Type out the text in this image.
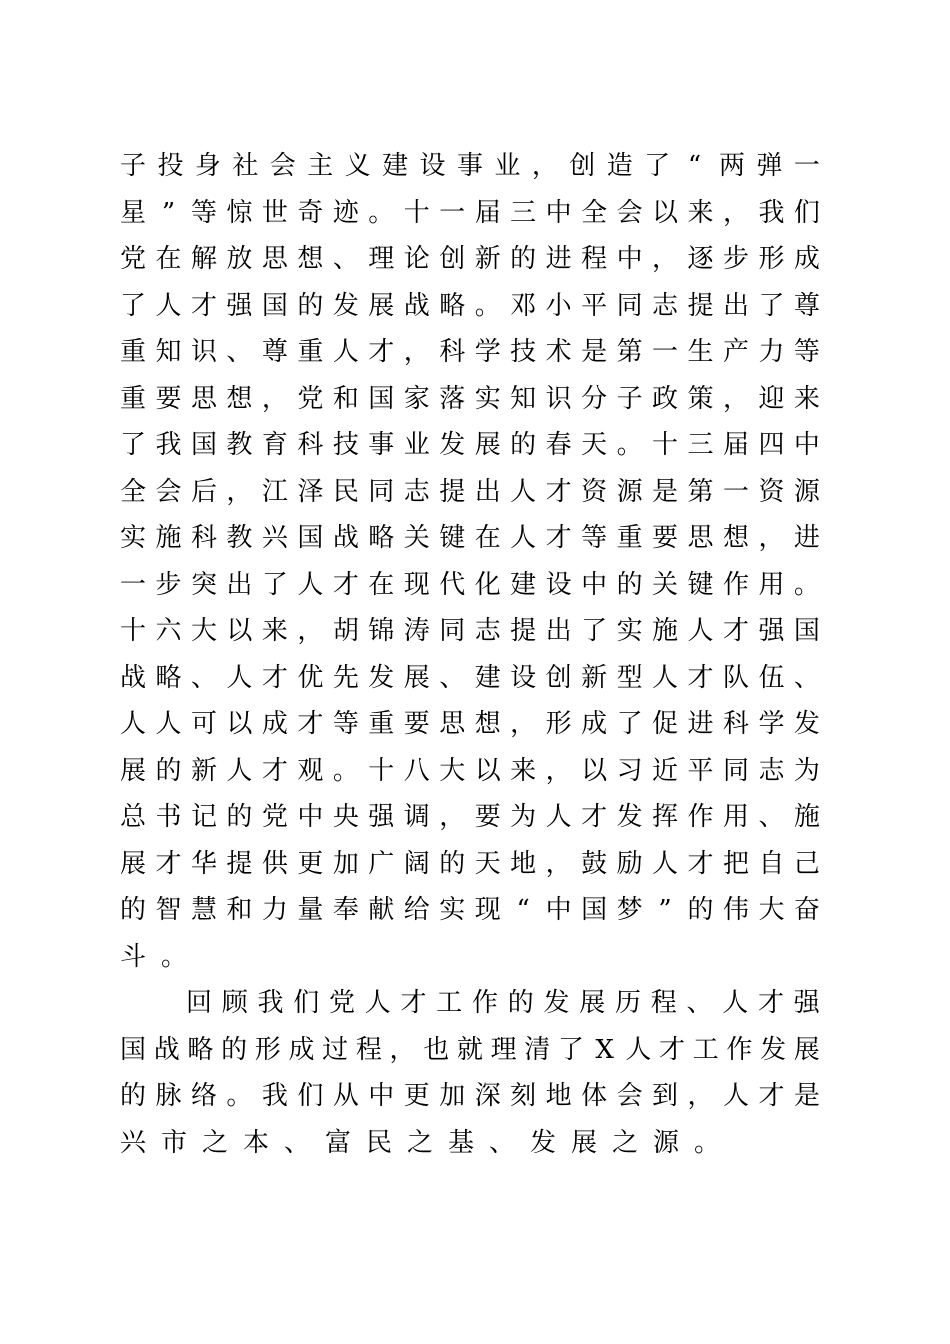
子 投 身 社 会 主 义 建 设 事 业 ， 创 造 了 “ 两 弹 一
星 ” 等 惊 世 奇 迹 。 十 一 届 三 中 全 会 以 来 ， 我 们
党 在 解 放 思 想 、 理 论 创 新 的 进 程 中 ， 逐 步 形 成
了 人 才 强 国 的 发 展 战 略 。 邓 小 平 同 志 提 出 了 尊
重 知 识 、 尊 重 人 才 ， 科 学 技 术 是 第 一 生 产 力 等
重 要 思 想 ， 党 和 国 家 落 实 知 识 分 子 政 策 ， 迎 来
了 我 国 教 育 科 技 事 业 发 展 的 春 天 。 十 三 届 四 中
全 会 后 ， 江 泽 民 同 志 提 出 人 才 资 源 是 第 一 资 源
实 施 科 教 兴 国 战 略 关 键 在 人 才 等 重 要 思 想 ， 进
一 步 突 出 了 人 才 在 现 代 化 建 设 中 的 关 键 作 用 。
十 六 大 以 来 ， 胡 锦 涛 同 志 提 出 了 实 施 人 才 强 国
战 略 、 人 才 优 先 发 展 、 建 设 创 新 型 人 才 队 伍 、
人 人 可 以 成 才 等 重 要 思 想 ， 形 成 了 促 进 科 学 发
展 的 新 人 才 观 。 十 八 大 以 来 ， 以 习 近 平 同 志 为
总 书 记 的 党 中 央 强 调 ， 要 为 人 才 发 挥 作 用 、 施
展 才 华 提 供 更 加 广 阔 的 天 地 ， 鼓 励 人 才 把 自 己
的 智 慧 和 力 量 奉 献 给 实 现 “ 中 国 梦 ” 的 伟 大 奋
斗 。
回 顾 我 们 党 人 才 工 作 的 发 展 历 程 、 人 才 强
国 战 略 的 形 成 过 程 ， 也 就 理 清 了 X 人 才 工 作 发 展
的 脉 络 。 我 们 从 中 更 加 深 刻 地 体 会 到 ， 人 才 是
兴 市 之 本 、 富 民 之 基 、 发 展 之 源 。
